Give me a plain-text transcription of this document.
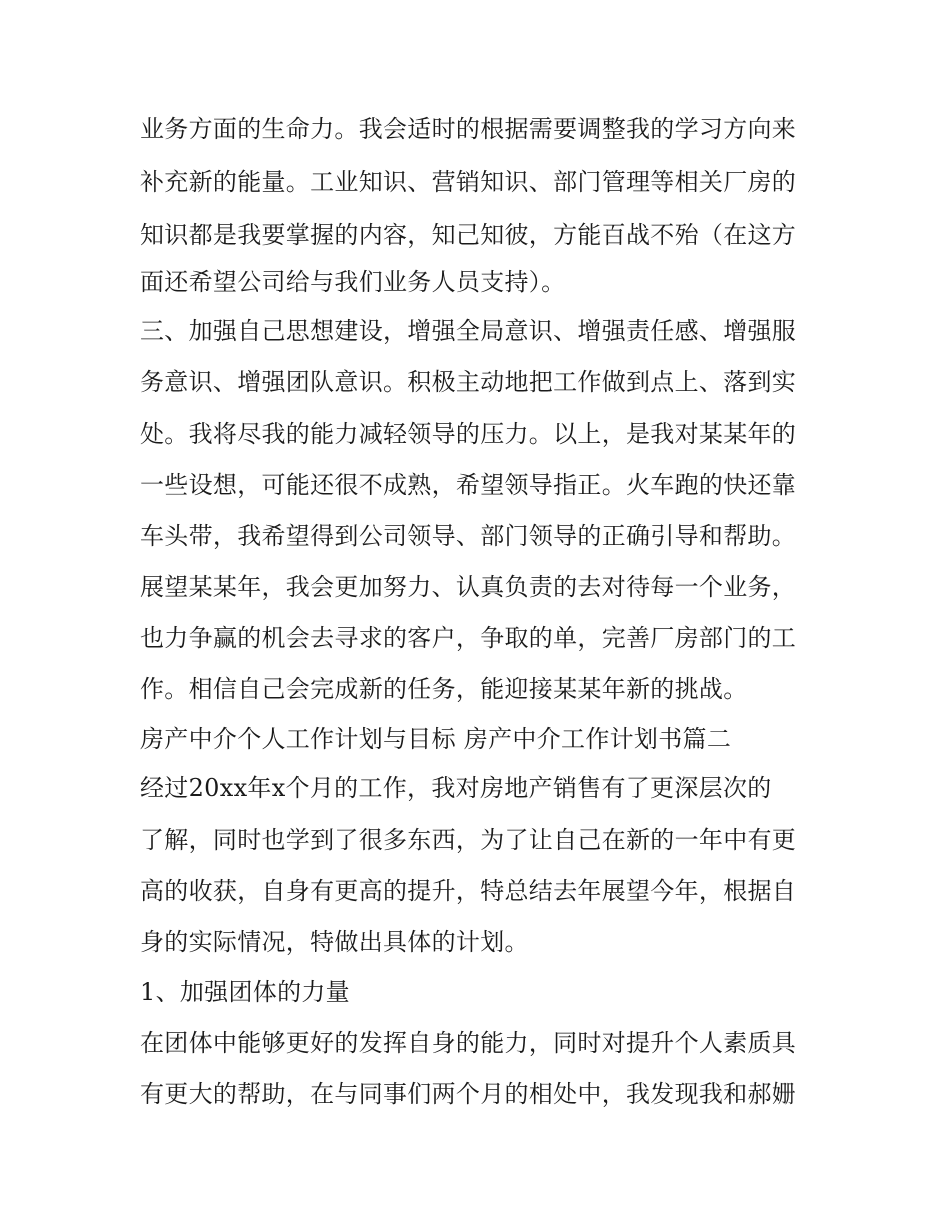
业务方面的生命力。我会适时的根据需要调整我的学习方向来

补充新的能量。工业知识、营销知识、部门管理等相关厂房的

知识都是我要掌握的内容，知己知彼，方能百战不殆（在这方

面还希望公司给与我们业务人员支持）。

三、加强自己思想建设，增强全局意识、增强责任感、增强服

务意识、增强团队意识。积极主动地把工作做到点上、落到实

处。我将尽我的能力减轻领导的压力。以上，是我对某某年的

一些设想，可能还很不成熟，希望领导指正。火车跑的快还靠

车头带，我希望得到公司领导、部门领导的正确引导和帮助。

展望某某年，我会更加努力、认真负责的去对待每一个业务，

也力争赢的机会去寻求的客户，争取的单，完善厂房部门的工

作。相信自己会完成新的任务，能迎接某某年新的挑战。

房产中介个人工作计划与目标 房产中介工作计划书篇二

经过20xx年x个月的工作，我对房地产销售有了更深层次的

了解，同时也学到了很多东西，为了让自己在新的一年中有更

高的收获，自身有更高的提升，特总结去年展望今年，根据自

身的实际情况，特做出具体的计划。

1、加强团体的力量

在团体中能够更好的发挥自身的能力，同时对提升个人素质具

有更大的帮助，在与同事们两个月的相处中，我发现我和郝姗
